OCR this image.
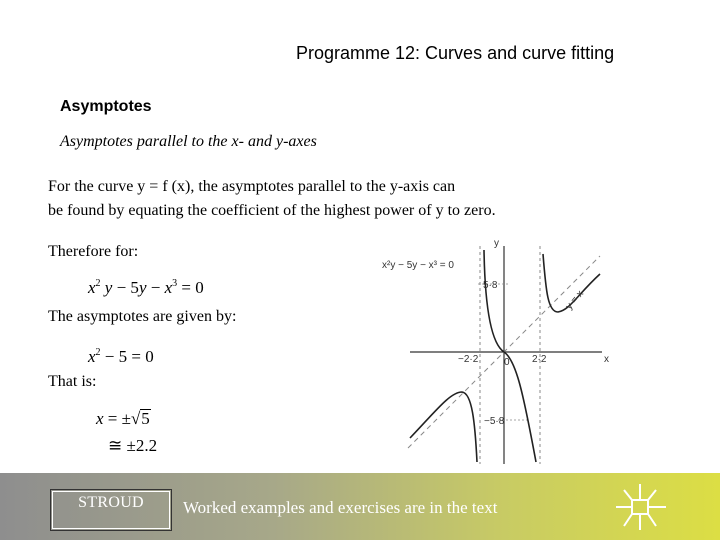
Programme 12: Curves and curve fitting
Asymptotes
Asymptotes parallel to the x- and y-axes
For the curve y = f (x), the asymptotes parallel to the y-axis can
be found by equating the coefficient of the highest power of y to zero.
Therefore for:
The asymptotes are given by:
That is:
$x^2$ $y - 5y - x^3 = 0$
$x^2 - 5 = 0$
x = ±√5
≅ ±2.2
x²y − 5y − x³ = 0
y
x
5·8
−5·8
−2·2	2·2
0
y = x
STROUD	Worked examples and exercises are in the text
